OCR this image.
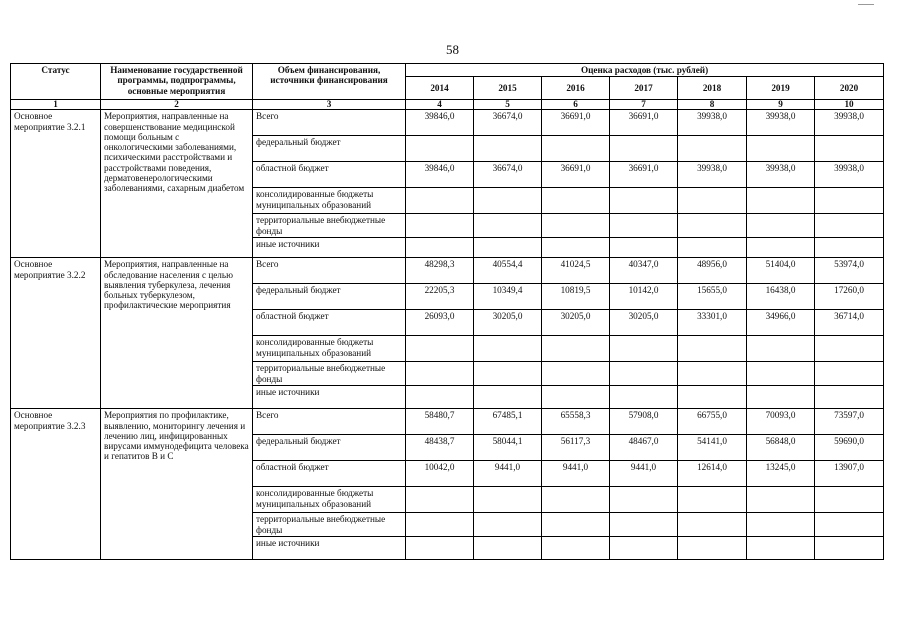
58
Статус	Наименование государственной программы, подпрограммы, основные мероприятия	Объем финансирования, источники финансирования	Оценка расходов (тыс. рублей)						
			2014	2015	2016	2017	2018	2019	2020
1	2	3	4	5	6	7	8	9	10
Основное мероприятие 3.2.1	Мероприятия, направленные на совершенствование медицинской помощи больным с онкологическими заболеваниями, психическими расстройствами и расстройствами поведения, дерматовенерологическими заболеваниями, сахарным диабетом	Всего	39846,0	36674,0	36691,0	36691,0	39938,0	39938,0	39938,0
		федеральный бюджет							
		областной бюджет	39846,0	36674,0	36691,0	36691,0	39938,0	39938,0	39938,0
		консолидированные бюджеты муниципальных образований							
		территориальные внебюджетные фонды							
		иные источники							
Основное мероприятие 3.2.2	Мероприятия, направленные на обследование населения с целью выявления туберкулеза, лечения больных туберкулезом, профилактические мероприятия	Всего	48298,3	40554,4	41024,5	40347,0	48956,0	51404,0	53974,0
		федеральный бюджет	22205,3	10349,4	10819,5	10142,0	15655,0	16438,0	17260,0
		областной бюджет	26093,0	30205,0	30205,0	30205,0	33301,0	34966,0	36714,0
		консолидированные бюджеты муниципальных образований							
		территориальные внебюджетные фонды							
		иные источники							
Основное мероприятие 3.2.3	Мероприятия по профилактике, выявлению, мониторингу лечения и лечению лиц, инфицированных вирусами иммунодефицита человека и гепатитов В и С	Всего	58480,7	67485,1	65558,3	57908,0	66755,0	70093,0	73597,0
		федеральный бюджет	48438,7	58044,1	56117,3	48467,0	54141,0	56848,0	59690,0
		областной бюджет	10042,0	9441,0	9441,0	9441,0	12614,0	13245,0	13907,0
		консолидированные бюджеты муниципальных образований							
		территориальные внебюджетные фонды							
		иные источники							
